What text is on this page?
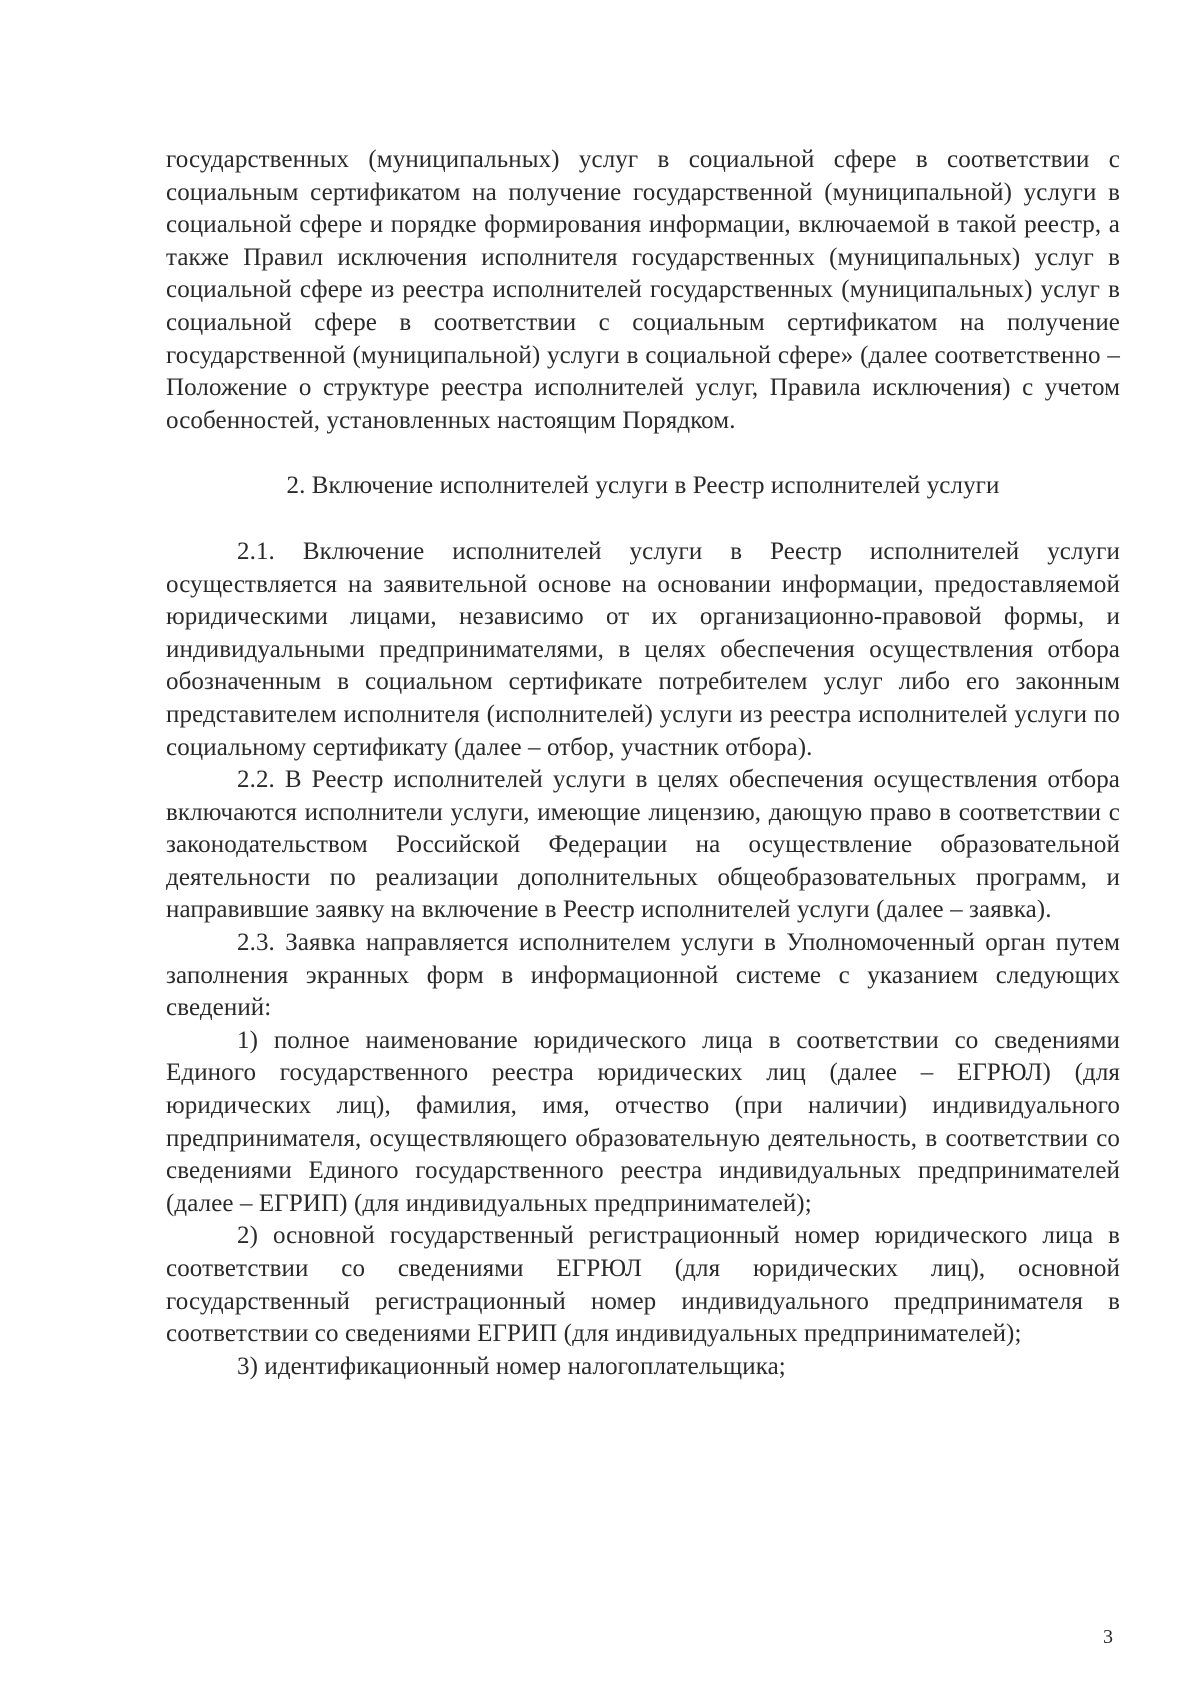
государственных (муниципальных) услуг в социальной сфере в соответствии с социальным сертификатом на получение государственной (муниципальной) услуги в социальной сфере и порядке формирования информации, включаемой в такой реестр, а также Правил исключения исполнителя государственных (муниципальных) услуг в социальной сфере из реестра исполнителей государственных (муниципальных) услуг в социальной сфере в соответствии с социальным сертификатом на получение государственной (муниципальной) услуги в социальной сфере» (далее соответственно – Положение о структуре реестра исполнителей услуг, Правила исключения) с учетом особенностей, установленных настоящим Порядком.

2. Включение исполнителей услуги в Реестр исполнителей услуги

2.1. Включение исполнителей услуги в Реестр исполнителей услуги осуществляется на заявительной основе на основании информации, предоставляемой юридическими лицами, независимо от их организационно-правовой формы, и индивидуальными предпринимателями, в целях обеспечения осуществления отбора обозначенным в социальном сертификате потребителем услуг либо его законным представителем исполнителя (исполнителей) услуги из реестра исполнителей услуги по социальному сертификату (далее – отбор, участник отбора).

2.2. В Реестр исполнителей услуги в целях обеспечения осуществления отбора включаются исполнители услуги, имеющие лицензию, дающую право в соответствии с законодательством Российской Федерации на осуществление образовательной деятельности по реализации дополнительных общеобразовательных программ, и направившие заявку на включение в Реестр исполнителей услуги (далее – заявка).

2.3. Заявка направляется исполнителем услуги в Уполномоченный орган путем заполнения экранных форм в информационной системе с указанием следующих сведений:

1) полное наименование юридического лица в соответствии со сведениями Единого государственного реестра юридических лиц (далее – ЕГРЮЛ) (для юридических лиц), фамилия, имя, отчество (при наличии) индивидуального предпринимателя, осуществляющего образовательную деятельность, в соответствии со сведениями Единого государственного реестра индивидуальных предпринимателей (далее – ЕГРИП) (для индивидуальных предпринимателей);

2) основной государственный регистрационный номер юридического лица в соответствии со сведениями ЕГРЮЛ (для юридических лиц), основной государственный регистрационный номер индивидуального предпринимателя в соответствии со сведениями ЕГРИП (для индивидуальных предпринимателей);

3) идентификационный номер налогоплательщика;

3
